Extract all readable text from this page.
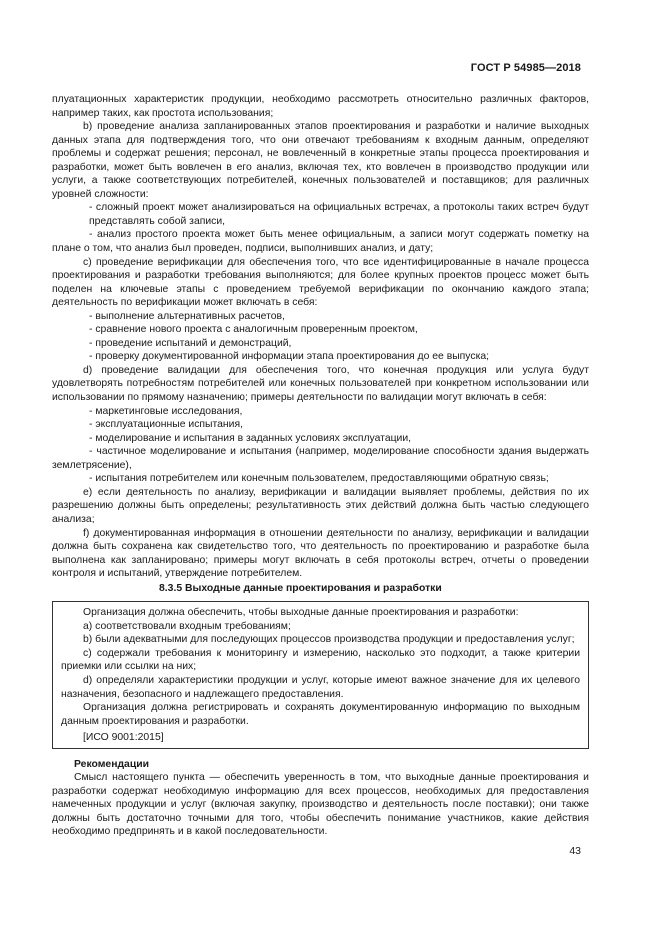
ГОСТ Р 54985—2018

плуатационных характеристик продукции, необходимо рассмотреть относительно различных факторов, например таких, как простота использования;

b) проведение анализа запланированных этапов проектирования и разработки и наличие выходных данных этапа для подтверждения того, что они отвечают требованиям к входным данным, определяют проблемы и содержат решения; персонал, не вовлеченный в конкретные этапы процесса проектирования и разработки, может быть вовлечен в его анализ, включая тех, кто вовлечен в производство продукции или услуги, а также соответствующих потребителей, конечных пользователей и поставщиков; для различных уровней сложности:

- сложный проект может анализироваться на официальных встречах, а протоколы таких встреч будут представлять собой записи,

- анализ простого проекта может быть менее официальным, а записи могут содержать пометку на плане о том, что анализ был проведен, подписи, выполнивших анализ, и дату;

c) проведение верификации для обеспечения того, что все идентифицированные в начале процесса проектирования и разработки требования выполняются; для более крупных проектов процесс может быть поделен на ключевые этапы с проведением требуемой верификации по окончанию каждого этапа; деятельность по верификации может включать в себя:

- выполнение альтернативных расчетов,

- сравнение нового проекта с аналогичным проверенным проектом,

- проведение испытаний и демонстраций,

- проверку документированной информации этапа проектирования до ее выпуска;

d) проведение валидации для обеспечения того, что конечная продукция или услуга будут удовлетворять потребностям потребителей или конечных пользователей при конкретном использовании или использовании по прямому назначению; примеры деятельности по валидации могут включать в себя:

- маркетинговые исследования,

- эксплуатационные испытания,

- моделирование и испытания в заданных условиях эксплуатации,

- частичное моделирование и испытания (например, моделирование способности здания выдержать землетрясение),

- испытания потребителем или конечным пользователем, предоставляющими обратную связь;

e) если деятельность по анализу, верификации и валидации выявляет проблемы, действия по их разрешению должны быть определены; результативность этих действий должна быть частью следующего анализа;

f) документированная информация в отношении деятельности по анализу, верификации и валидации должна быть сохранена как свидетельство того, что деятельность по проектированию и разработке была выполнена как запланировано; примеры могут включать в себя протоколы встреч, отчеты о проведении контроля и испытаний, утверждение потребителем.

8.3.5 Выходные данные проектирования и разработки

Организация должна обеспечить, чтобы выходные данные проектирования и разработки:

a) соответствовали входным требованиям;

b) были адекватными для последующих процессов производства продукции и предоставления услуг;

c) содержали требования к мониторингу и измерению, насколько это подходит, а также критерии приемки или ссылки на них;

d) определяли характеристики продукции и услуг, которые имеют важное значение для их целевого назначения, безопасного и надлежащего предоставления.

Организация должна регистрировать и сохранять документированную информацию по выходным данным проектирования и разработки.

[ИСО 9001:2015]

Рекомендации

Смысл настоящего пункта — обеспечить уверенность в том, что выходные данные проектирования и разработки содержат необходимую информацию для всех процессов, необходимых для предоставления намеченных продукции и услуг (включая закупку, производство и деятельность после поставки); они также должны быть достаточно точными для того, чтобы обеспечить понимание участников, какие действия необходимо предпринять и в какой последовательности.

43
